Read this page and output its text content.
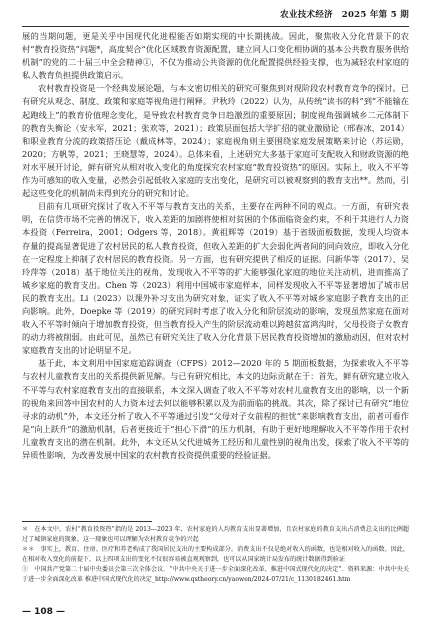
农业技术经济　2025 年第 5 期

展的当期问题，更是关乎中国现代化进程能否如期实现的中长期挑战。因此，聚焦收入分化背景下的农村“教育投资热”问题*，高度契合“优化区域教育资源配置，建立同人口变化相协调的基本公共教育服务供给机制”的党的二十届三中全会精神①，不仅为推动公共资源的优化配置提供经验支撑，也为减轻农村家庭的私人教育负担提供政策启示。

农村教育投资是一个经典发展论题，与本文密切相关的研究可聚焦到对现阶段农村教育竞争的探讨。已有研究从观念、制度、政策和家庭等视角进行阐释。尹秋玲（2022）认为，从传统“读书的料”到“不能输在起跑线上”的教育价值理念变化，是导致农村教育竞争日趋激烈的重要原因；制度视角强调城乡二元体制下的教育失衡论（安永军，2021；张欢等，2021）；政策层面包括大学扩招的就业激励论（邢春冰，2014）和职业教育分流的政策搭压论（戴成林等，2024）；家庭视角则主要围绕家庭发展策略来讨论（苏运勋，2020；方帆等，2021；王晓慧等，2024）。总体来看，上述研究大多基于家庭可支配收入和财政资源的绝对水平展开讨论，鲜有研究从相对收入变化的角度探究农村家庭“教育投资热”的原因。实际上，收入不平等作为可感知的收入变量，必然会引起低收入家庭的支出变化，是研究可以被观察到的教育支出**。然而，引起这些变化的机制尚未得到充分的研究和讨论。

目前有几项研究探讨了收入不平等与教育支出的关系，主要存在两种不同的观点。一方面，有研究表明，在信贷市场不完善的情况下，收入差距的加剧将使相对贫困的个体面临资金约束，不利于其进行人力资本投资（Ferreira，2001；Odgers 等，2018）。黄祖辉等（2019）基于省级面板数据，发现人均资本存量的提高显著促进了农村居民的私人教育投资，但收入差距的扩大会弱化两者间的同向效应，即收入分化在一定程度上抑制了农村居民的教育投资。另一方面，也有研究提供了相反的证据。闫新华等（2017）、吴玲萍等（2018）基于地位关注的视角，发现收入不平等的扩大能够强化家庭的地位关注动机，进而推高了城乡家庭的教育支出。Chen 等（2023）利用中国城市家庭样本，同样发现收入不平等显著增加了城市居民的教育支出。Li（2023）以课外补习支出为研究对象，证实了收入不平等对城乡家庭影子教育支出的正向影响。此外，Doepke 等（2019）的研究同时考虑了收入分化和阶层流动的影响，发现虽然家庭在面对收入不平等时倾向于增加教育投资，但当教育投入产生的阶层流动难以跨越贫富鸿沟时，父母投资子女教育的动力将被削弱。由此可见，虽然已有研究关注了收入分化背景下居民教育投资增加的激励动因，但对农村家庭教育支出的讨论明显不足。

基于此，本文利用中国家庭追踪调查（CFPS）2012—2020 年的 5 期面板数据，为探索收入不平等与农村儿童教育支出的关系提供新见解。与已有研究相比，本文的边际贡献在于：首先，鲜有研究建立收入不平等与农村家庭教育支出的直接联系，本文深入调查了收入不平等对农村儿童教育支出的影响，以一个新的视角来回答中国农村的人力资本过去何以能够积累以及为前面临的挑战。其次，除了探讨已有研究“地位寻求的动机”外，本文还分析了收入不平等通过引发“父母对子女前程的担忧”来影响教育支出，前者可看作是“向上跃升”的激励机制，后者更接近于“担心下滑”的压力机制，有助于更好地理解收入不平等作用于农村儿童教育支出的潜在机制。此外，本文还从父代进城务工经历和儿童性别的视角出发，探索了收入不平等的异质性影响，为改善发展中国家的农村教育投资提供重要的经验证据。

＊　在本文中，农村“教育投资热”指的是 2013—2023 年，农村家庭的人均教育支出显著增加，且农村家庭的教育支出占消费总支出的比例超过了城镇家庭的现象。这一现象也可以理解为农村教育竞争的兴起

＊＊　事实上，教育、住房、医疗和养老构成了我国居民支出的主要构成部分。消费支出不仅是绝对收入的函数，也是相对收入的函数。因此，在相对收入变化的前提下，以上四项支出的变化不仅很容易被直观观察到，也可以从国家统计局发布的统计数据得到验证

①　中国共产党第二十届中央委员会第三次全体会议．“中共中央关于进一步全面深化改革、推进中国式现代化的决定”．资料来源：中共中央关于进一步全面深化改革 推进中国式现代化的决定_http://www.qstheory.cn/yaowen/2024-07/21/c_1130182461.htm

— 108 —
